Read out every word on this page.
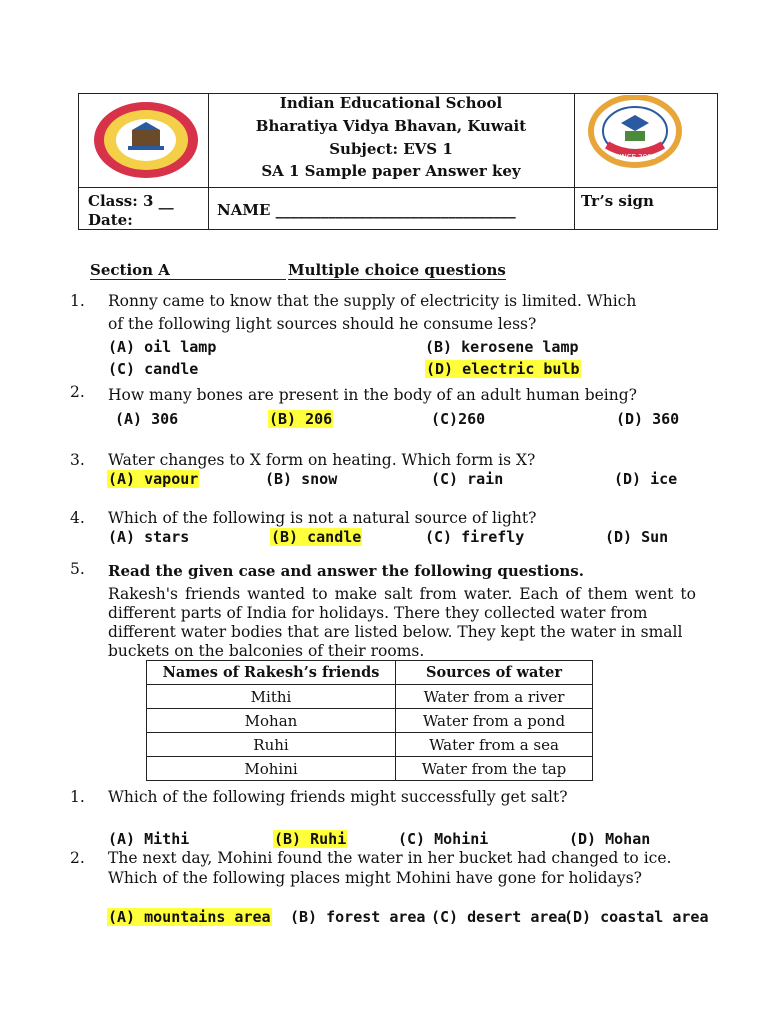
Indian Educational School
Bharatiya Vidya Bhavan, Kuwait
Subject: EVS 1
SA 1 Sample paper Answer key
SINCE 2006
Class: 3 __
Date:
NAME ________________________________	Tr’s sign
Section A	Multiple choice questions
1. Ronny came to know that the supply of electricity is limited. Which
of the following light sources should he consume less?
(A) oil lamp	(B) kerosene lamp
(C) candle	(D) electric bulb
2. How many bones are present in the body of an adult human being?
(A) 306	(B) 206	(C)260	(D) 360
3. Water changes to X form on heating. Which form is X?
(A) vapour	(B) snow	(C) rain	(D) ice
4. Which of the following is not a natural source of light?
(A) stars	(B) candle	(C) firefly	(D) Sun
5. Read the given case and answer the following questions.
Rakesh's friends wanted to make salt from water. Each of them went to
different parts of India for holidays. There they collected water from
different water bodies that are listed below. They kept the water in small
buckets on the balconies of their rooms.
Names of Rakesh’s friends	Sources of water
Mithi	Water from a river
Mohan	Water from a pond
Ruhi	Water from a sea
Mohini	Water from the tap
1. Which of the following friends might successfully get salt?
(A) Mithi	(B) Ruhi	(C) Mohini	(D) Mohan
2. The next day, Mohini found the water in her bucket had changed to ice.
Which of the following places might Mohini have gone for holidays?
(A) mountains area (B) forest area (C) desert area
(D) coastal area
